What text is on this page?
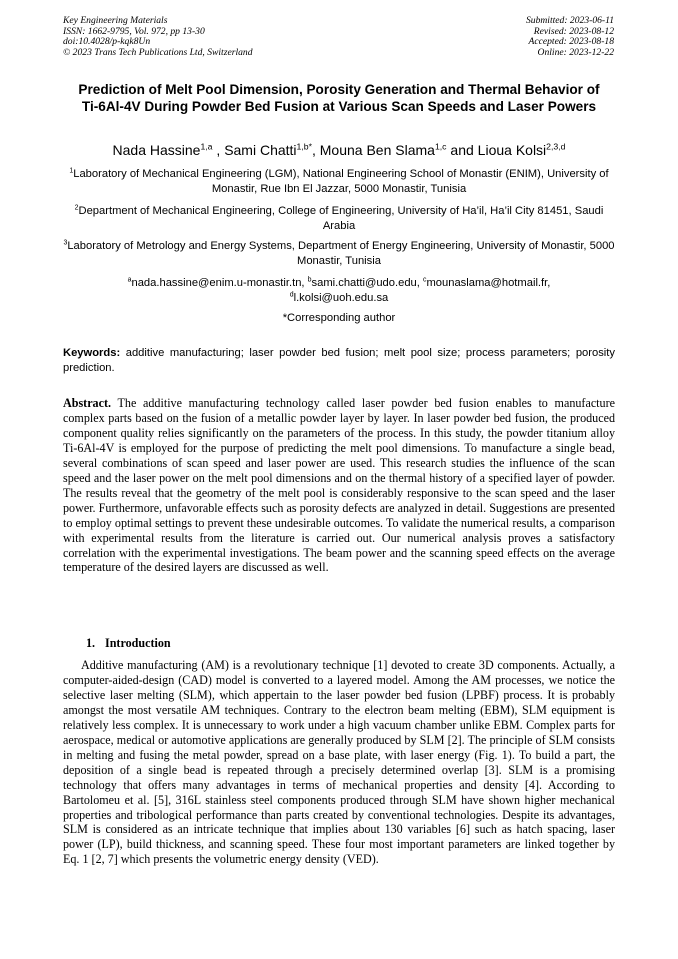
Key Engineering Materials
ISSN: 1662-9795, Vol. 972, pp 13-30
doi:10.4028/p-kqk8Un
© 2023 Trans Tech Publications Ltd, Switzerland
Submitted: 2023-06-11
Revised: 2023-08-12
Accepted: 2023-08-18
Online: 2023-12-22
Prediction of Melt Pool Dimension, Porosity Generation and Thermal Behavior of Ti-6Al-4V During Powder Bed Fusion at Various Scan Speeds and Laser Powers
Nada Hassine$^{1,a}$ , Sami Chatti$^{1,b*}$, Mouna Ben Slama$^{1,c}$ and Lioua Kolsi$^{2,3,d}$
$^1$Laboratory of Mechanical Engineering (LGM), National Engineering School of Monastir (ENIM), University of Monastir, Rue Ibn El Jazzar, 5000 Monastir, Tunisia
$^2$Department of Mechanical Engineering, College of Engineering, University of Ha’il, Ha’il City 81451, Saudi Arabia
$^3$Laboratory of Metrology and Energy Systems, Department of Energy Engineering, University of Monastir, 5000 Monastir, Tunisia
$^a$nada.hassine@enim.u-monastir.tn, $^b$sami.chatti@udo.edu, $^c$mounaslama@hotmail.fr,
$^d$l.kolsi@uoh.edu.sa
*Corresponding author
Keywords: additive manufacturing; laser powder bed fusion; melt pool size; process parameters; porosity prediction.
Abstract. The additive manufacturing technology called laser powder bed fusion enables to manufacture complex parts based on the fusion of a metallic powder layer by layer. In laser powder bed fusion, the produced component quality relies significantly on the parameters of the process. In this study, the powder titanium alloy Ti-6Al-4V is employed for the purpose of predicting the melt pool dimensions. To manufacture a single bead, several combinations of scan speed and laser power are used. This research studies the influence of the scan speed and the laser power on the melt pool dimensions and on the thermal history of a specified layer of powder. The results reveal that the geometry of the melt pool is considerably responsive to the scan speed and the laser power. Furthermore, unfavorable effects such as porosity defects are analyzed in detail. Suggestions are presented to employ optimal settings to prevent these undesirable outcomes. To validate the numerical results, a comparison with experimental results from the literature is carried out. Our numerical analysis proves a satisfactory correlation with the experimental investigations. The beam power and the scanning speed effects on the average temperature of the desired layers are discussed as well.
1. Introduction
Additive manufacturing (AM) is a revolutionary technique [1] devoted to create 3D components. Actually, a computer-aided-design (CAD) model is converted to a layered model. Among the AM processes, we notice the selective laser melting (SLM), which appertain to the laser powder bed fusion (LPBF) process. It is probably amongst the most versatile AM techniques. Contrary to the electron beam melting (EBM), SLM equipment is relatively less complex. It is unnecessary to work under a high vacuum chamber unlike EBM. Complex parts for aerospace, medical or automotive applications are generally produced by SLM [2]. The principle of SLM consists in melting and fusing the metal powder, spread on a base plate, with laser energy (Fig. 1). To build a part, the deposition of a single bead is repeated through a precisely determined overlap [3]. SLM is a promising technology that offers many advantages in terms of mechanical properties and density [4]. According to Bartolomeu et al. [5], 316L stainless steel components produced through SLM have shown higher mechanical properties and tribological performance than parts created by conventional technologies. Despite its advantages, SLM is considered as an intricate technique that implies about 130 variables [6] such as hatch spacing, laser power (LP), build thickness, and scanning speed. These four most important parameters are linked together by Eq. 1 [2, 7] which presents the volumetric energy density (VED).
